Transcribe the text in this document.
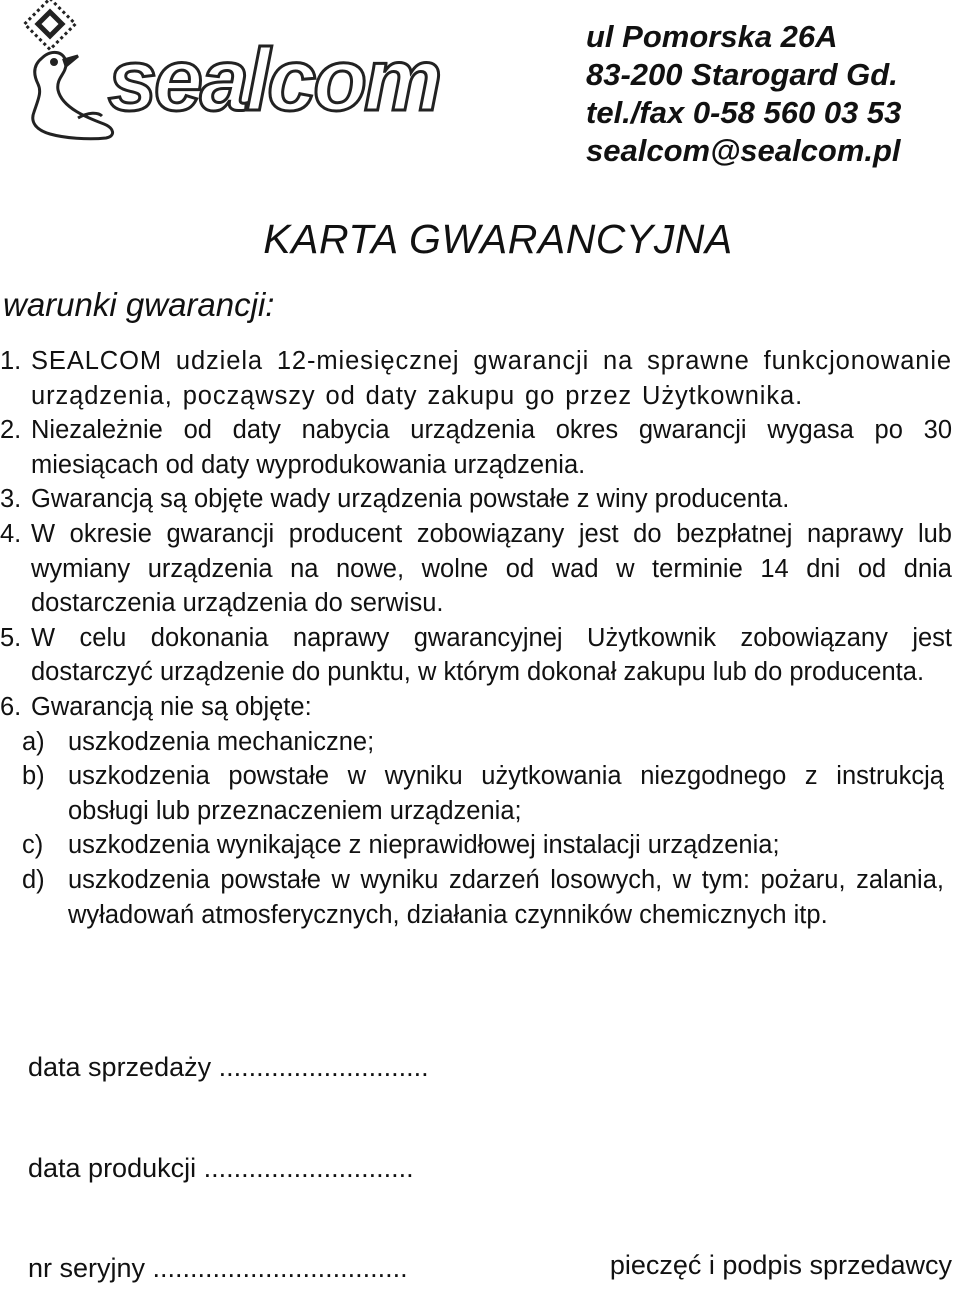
sealcom	ul Pomorska 26A
83-200 Starogard Gd.
tel./fax 0-58 560 03 53
sealcom@sealcom.pl
KARTA GWARANCYJNA
warunki gwarancji:
1. SEALCOM udziela 12-miesięcznej gwarancji na sprawne funkcjonowanie urządzenia, począwszy od daty zakupu go przez Użytkownika.

2. Niezależnie od daty nabycia urządzenia okres gwarancji wygasa po 30 miesiącach od daty wyprodukowania urządzenia.

3. Gwarancją są objęte wady urządzenia powstałe z winy producenta.

4. W okresie gwarancji producent zobowiązany jest do bezpłatnej naprawy lub wymiany urządzenia na nowe, wolne od wad w terminie 14 dni od dnia dostarczenia urządzenia do serwisu.

5. W celu dokonania naprawy gwarancyjnej Użytkownik zobowiązany jest dostarczyć urządzenie do punktu, w którym dokonał zakupu lub do producenta.

6. Gwarancją nie są objęte:

a) uszkodzenia mechaniczne;

b) uszkodzenia powstałe w wyniku użytkowania niezgodnego z instrukcją obsługi lub przeznaczeniem urządzenia;

c) uszkodzenia wynikające z nieprawidłowej instalacji urządzenia;

d) uszkodzenia powstałe w wyniku zdarzeń losowych, w tym: pożaru, zalania, wyładowań atmosferycznych, działania czynników chemicznych itp.

data sprzedaży ............................
data produkcji ............................
nr seryjny ..................................	pieczęć i podpis sprzedawcy
